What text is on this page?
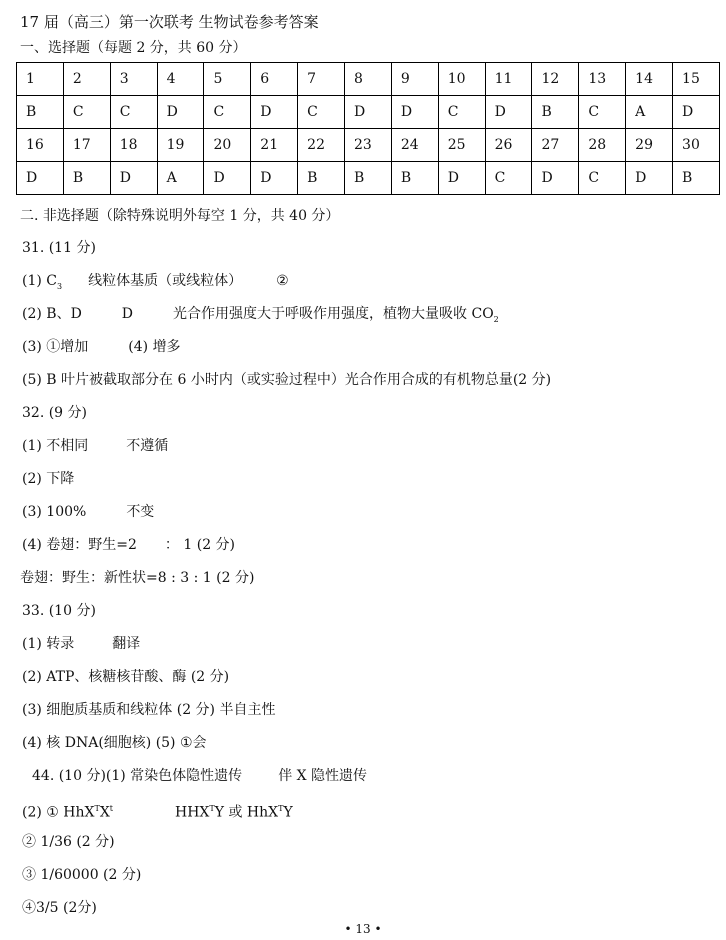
17 届（高三）第一次联考 生物试卷参考答案
一、选择题（每题 2 分，共 60 分）
1	2	3	4	5	6	7	8	9	10	11	12	13	14	15
B	C	C	D	C	D	C	D	D	C	D	B	C	A	D
16	17	18	19	20	21	22	23	24	25	26	27	28	29	30
D	B	D	A	D	D	B	B	B	D	C	D	C	D	B
二. 非选择题（除特殊说明外每空 1 分，共 40 分）
31. (11 分)
(1) $C_3$ 线粒体基质（或线粒体） ②
(2) B、D	D	光合作用强度大于呼吸作用强度，植物大量吸收 $CO_2$
(3) ①增加	(4) 增多
(5) B 叶片被截取部分在 6 小时内（或实验过程中）光合作用合成的有机物总量(2 分)
32. (9 分)
(1) 不相同	不遵循
(2) 下降
(3) 100%	不变
(4) 卷翅：野生=2 ： 1 (2 分)
卷翅：野生：新性状=8 : 3 : 1 (2 分)
33. (10 分)
(1) 转录	翻译
(2) ATP、核糖核苷酸、酶 (2 分)
(3) 细胞质基质和线粒体 (2 分) 半自主性
(4) 核 DNA(细胞核) (5) ①会
44. (10 分)(1) 常染色体隐性遗传	伴 X 隐性遗传
(2) ① $HhX^TX^t$	$HHX^TY$ 或 HhX$^T$Y
② 1/36 (2 分)
③ 1/60000 (2 分)
④3/5 (2分)
• 13 •
